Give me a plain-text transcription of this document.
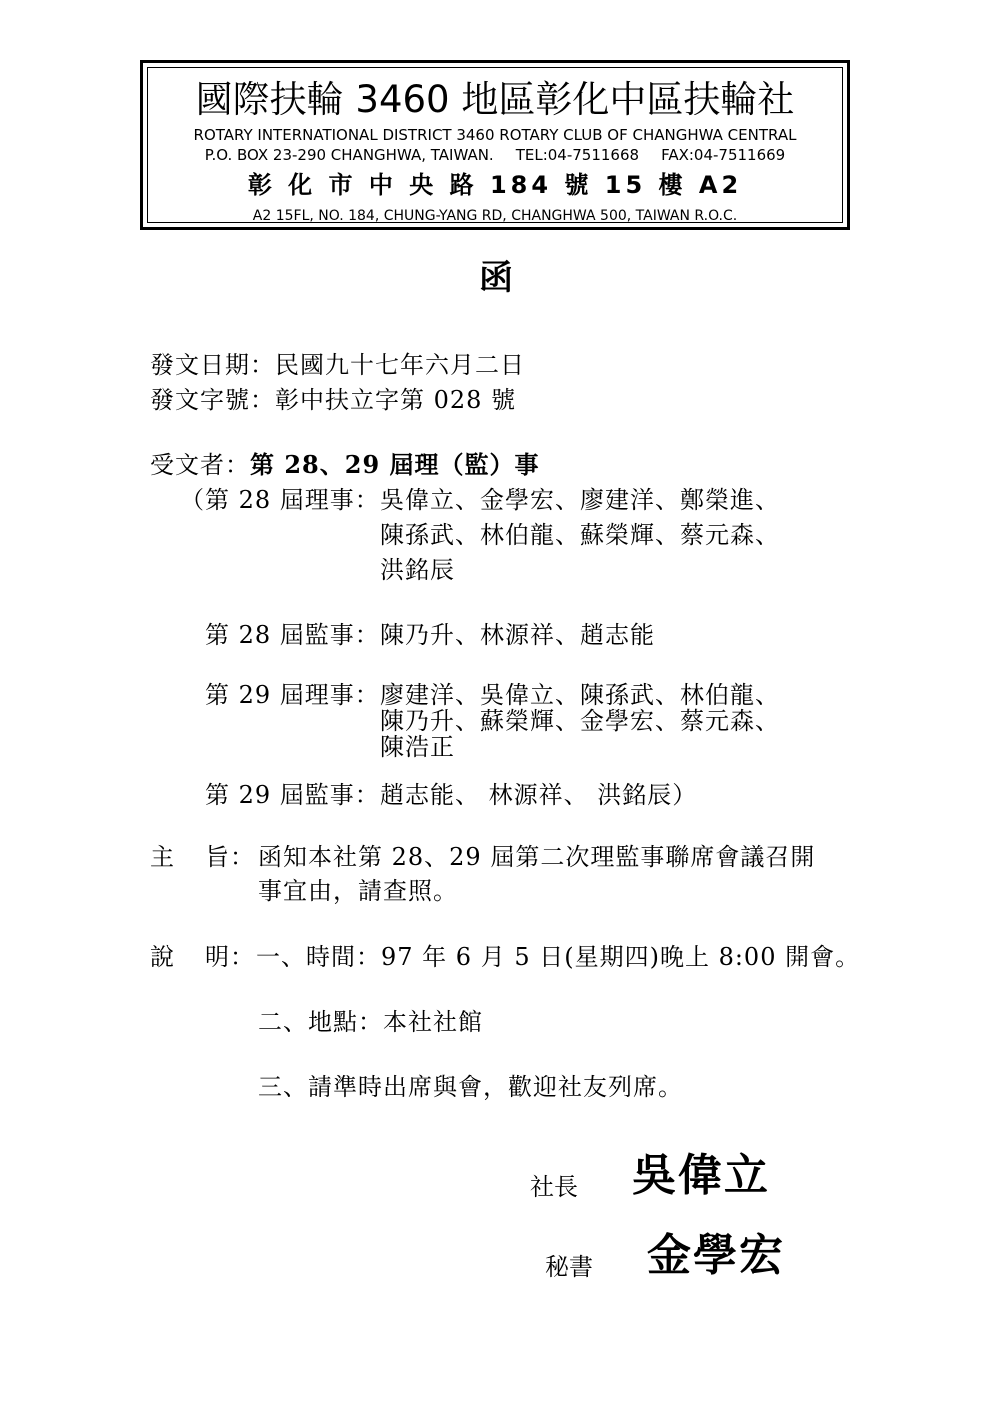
國際扶輪 3460 地區彰化中區扶輪社
ROTARY INTERNATIONAL DISTRICT 3460 ROTARY CLUB OF CHANGHWA CENTRAL
P.O. BOX 23-290 CHANGHWA, TAIWAN. TEL:04-7511668 FAX:04-7511669
彰 化 市 中 央 路 184 號 15 樓 A2
A2 15FL, NO. 184, CHUNG-YANG RD, CHANGHWA 500, TAIWAN R.O.C.
函
發文日期：民國九十七年六月二日
發文字號：彰中扶立字第 028 號
受文者：第 28、29 屆理（監）事
（第 28 屆理事： 吳偉立、金學宏、廖建洋、鄭榮進、
陳孫武、林伯龍、蘇榮輝、蔡元森、
洪銘辰
第 28 屆監事： 陳乃升、林源祥、趙志能
第 29 屆理事： 廖建洋、吳偉立、陳孫武、林伯龍、
陳乃升、蘇榮輝、金學宏、蔡元森、
陳浩正
第 29 屆監事： 趙志能、 林源祥、 洪銘辰）
主 旨： 函知本社第 28、29 屆第二次理監事聯席會議召開
事宜由，請查照。
說 明： 一、時間：97 年 6 月 5 日(星期四)晚上 8:00 開會。
二、地點：本社社館
三、請準時出席與會，歡迎社友列席。
社長 吳偉立
秘書 金學宏
